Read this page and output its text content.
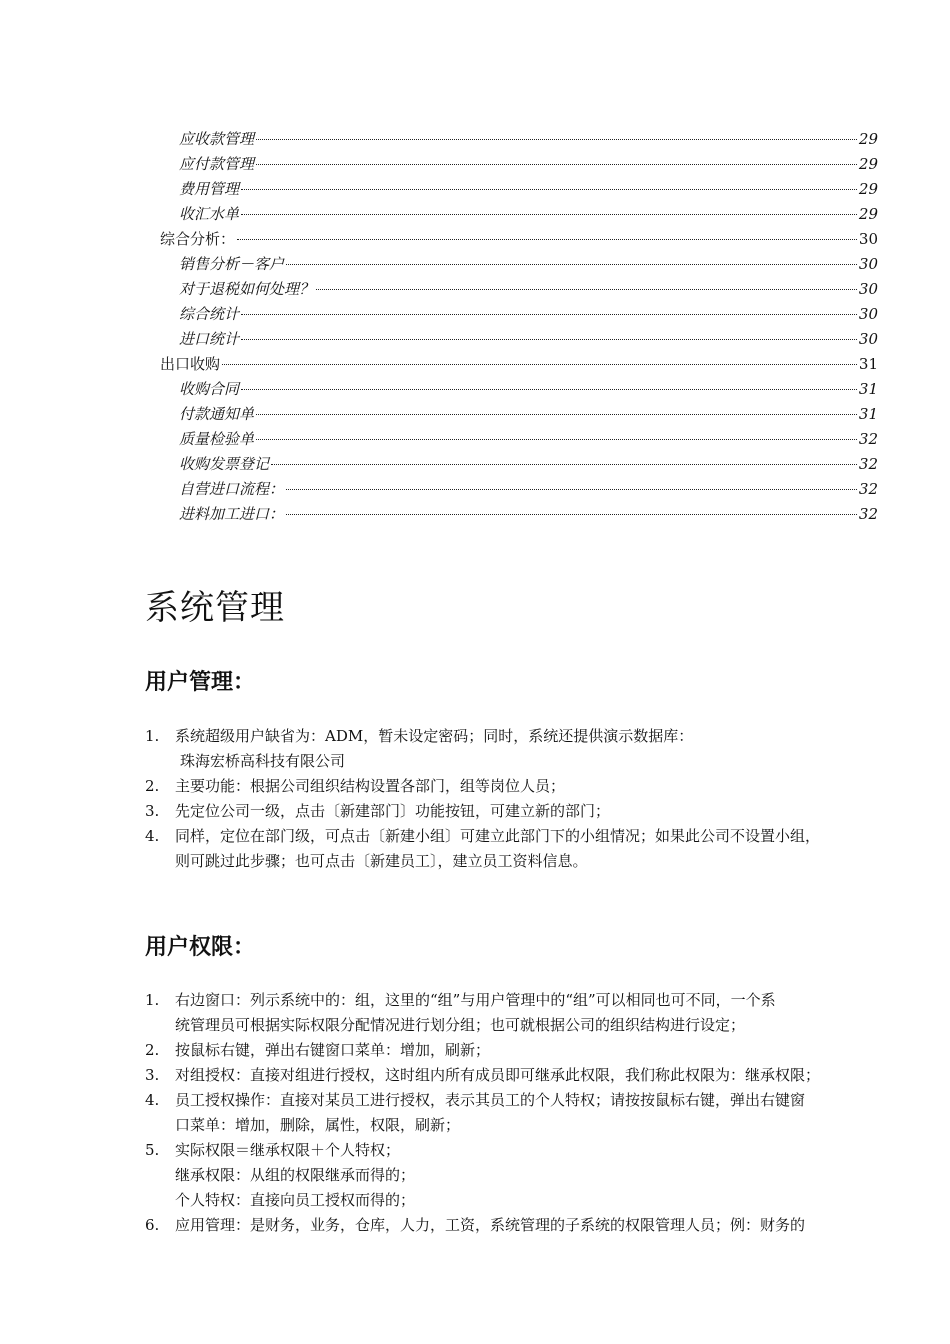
应收款管理	29
应付款管理	29
费用管理	29
收汇水单	29
综合分析：	30
销售分析－客户	30
对于退税如何处理？	30
综合统计	30
进口统计	30
出口收购	31
收购合同	31
付款通知单	31
质量检验单	32
收购发票登记	32
自营进口流程：	32
进料加工进口：	32
系统管理
用户管理：
1.	系统超级用户缺省为：ADM，暂未设定密码；同时，系统还提供演示数据库：
珠海宏桥高科技有限公司
2.	主要功能：根据公司组织结构设置各部门，组等岗位人员；
3.	先定位公司一级，点击〔新建部门〕功能按钮，可建立新的部门；
4.	同样，定位在部门级，可点击〔新建小组〕可建立此部门下的小组情况；如果此公司不设置小组，
则可跳过此步骤；也可点击〔新建员工〕，建立员工资料信息。
用户权限：
1.	右边窗口：列示系统中的：组，这里的“组”与用户管理中的“组”可以相同也可不同，一个系
统管理员可根据实际权限分配情况进行划分组；也可就根据公司的组织结构进行设定；
2.	按鼠标右键，弹出右键窗口菜单：增加，刷新；
3.	对组授权：直接对组进行授权，这时组内所有成员即可继承此权限，我们称此权限为：继承权限；
4.	员工授权操作：直接对某员工进行授权，表示其员工的个人特权；请按按鼠标右键，弹出右键窗
口菜单：增加，删除，属性，权限，刷新；
5.	实际权限＝继承权限＋个人特权；
继承权限：从组的权限继承而得的；
个人特权：直接向员工授权而得的；
6.	应用管理：是财务，业务，仓库，人力，工资，系统管理的子系统的权限管理人员；例：财务的
